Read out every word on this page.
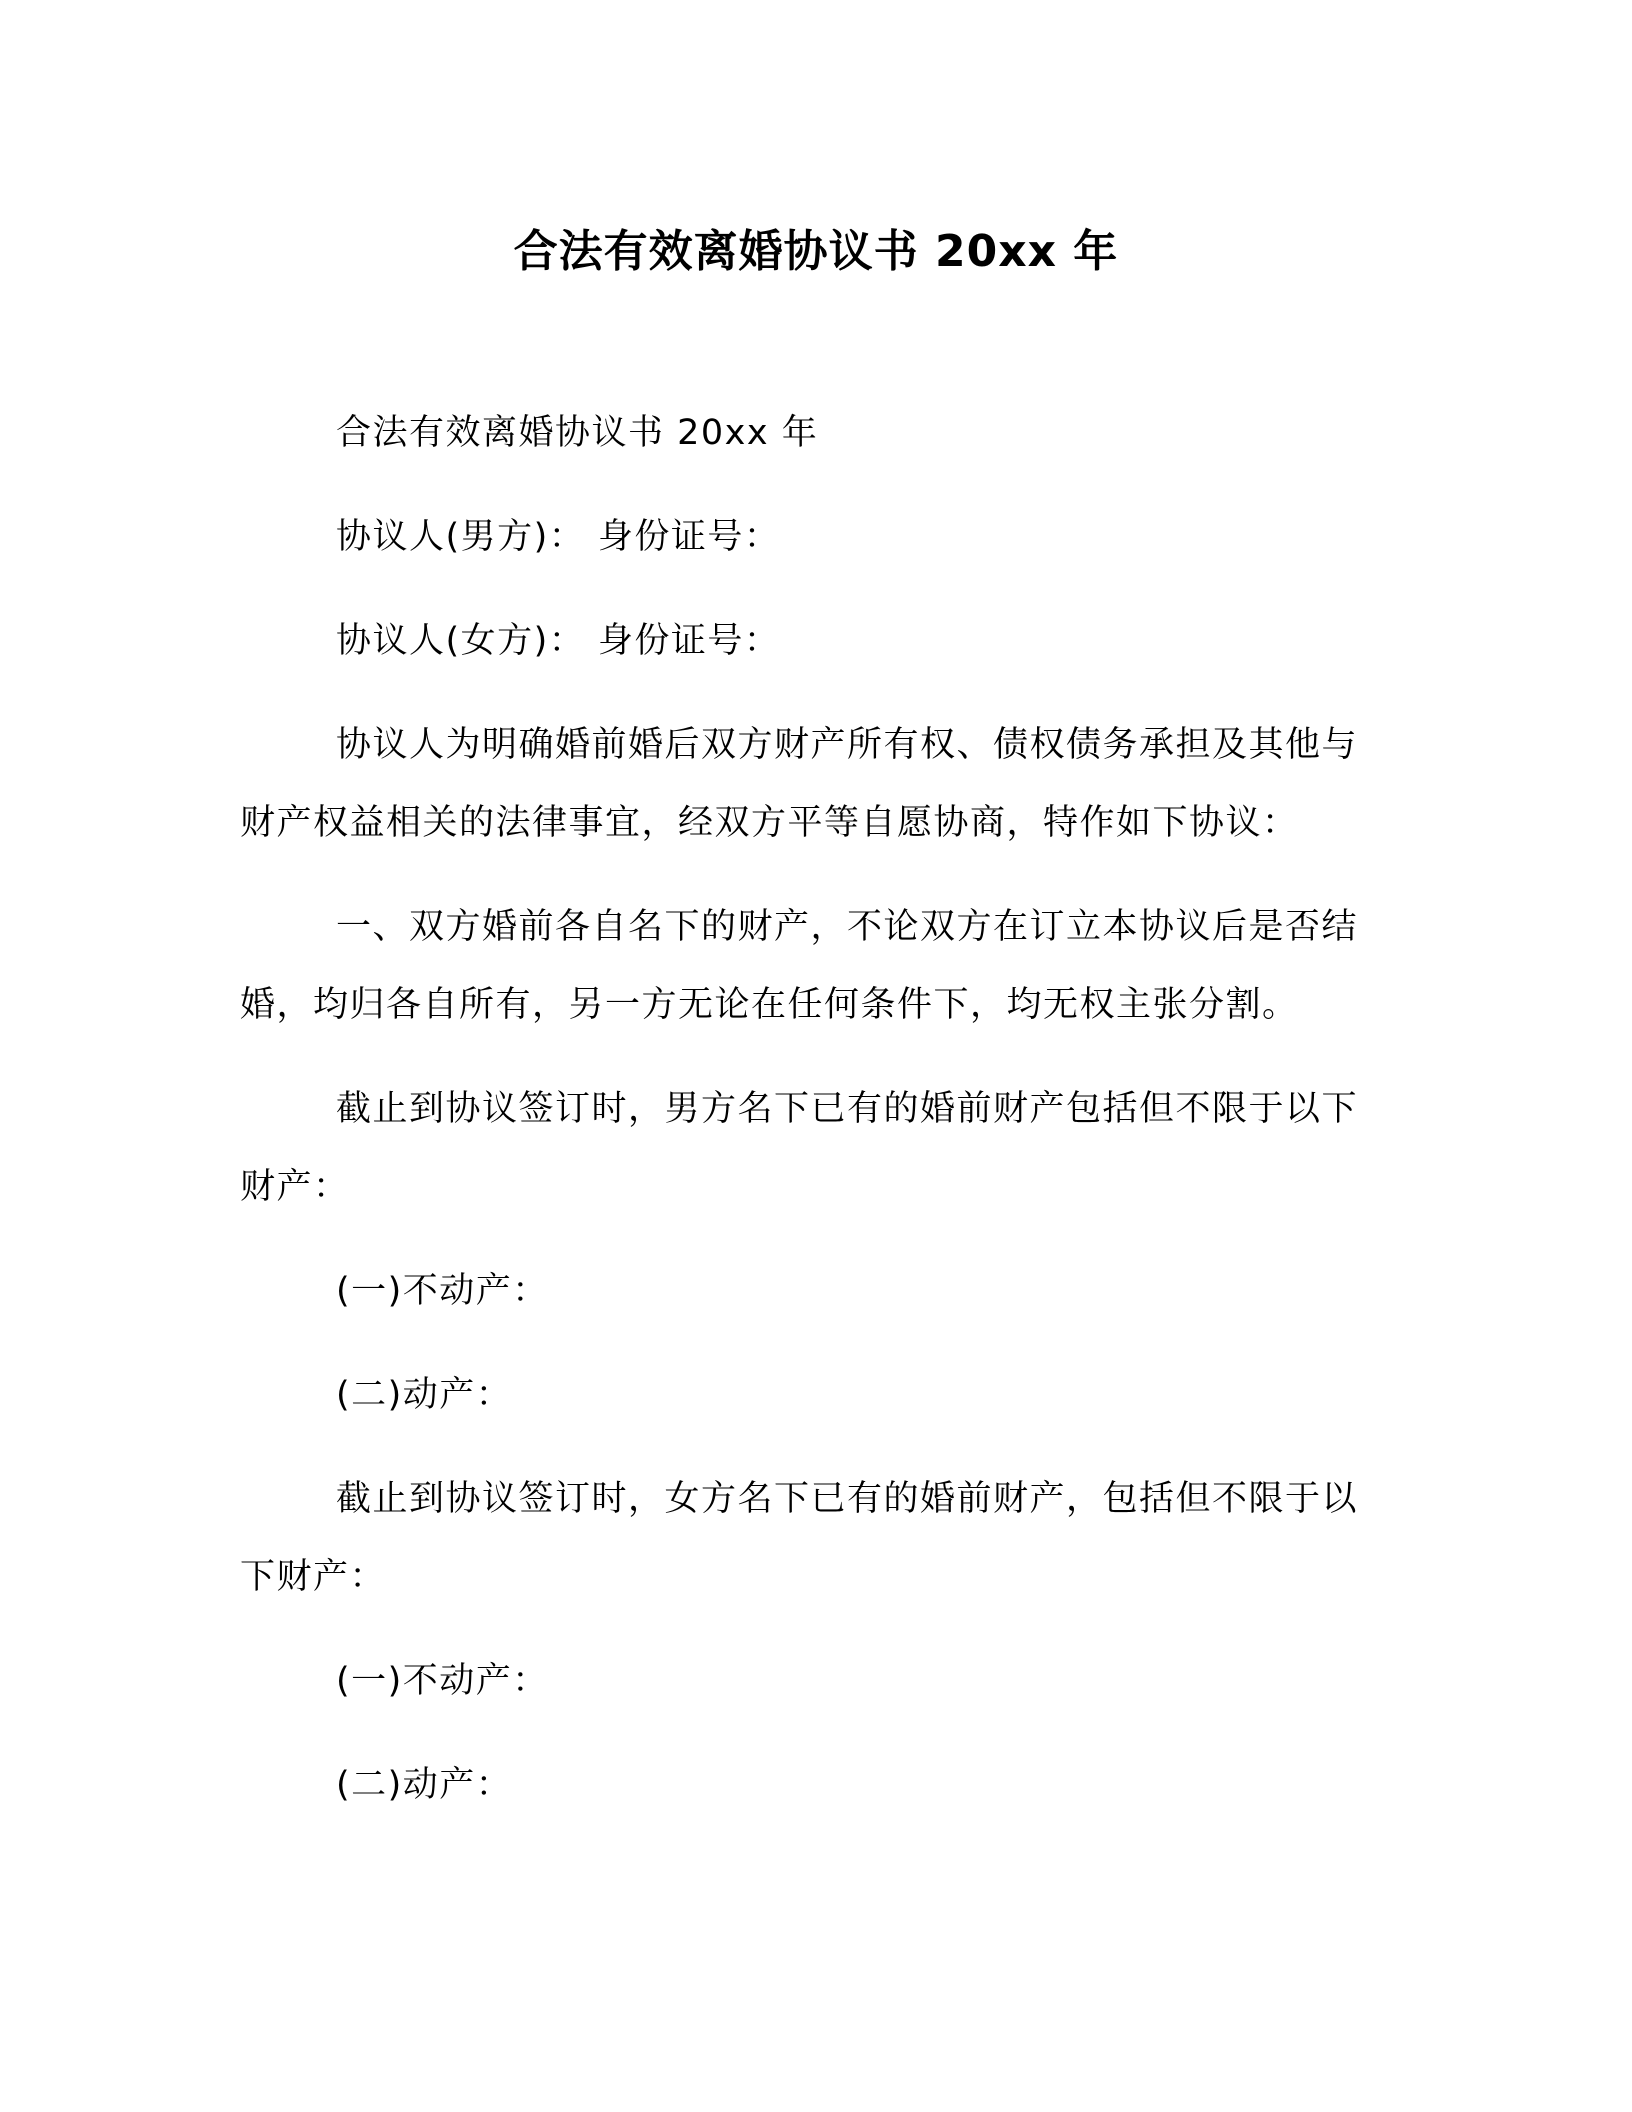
合法有效离婚协议书 20xx 年

合法有效离婚协议书 20xx 年

协议人(男方)： 身份证号：

协议人(女方)： 身份证号：

协议人为明确婚前婚后双方财产所有权、债权债务承担及其他与财产权益相关的法律事宜，经双方平等自愿协商，特作如下协议：

一、双方婚前各自名下的财产，不论双方在订立本协议后是否结婚，均归各自所有，另一方无论在任何条件下，均无权主张分割。

截止到协议签订时，男方名下已有的婚前财产包括但不限于以下财产：

(一)不动产：

(二)动产：

截止到协议签订时，女方名下已有的婚前财产，包括但不限于以下财产：

(一)不动产：

(二)动产：
